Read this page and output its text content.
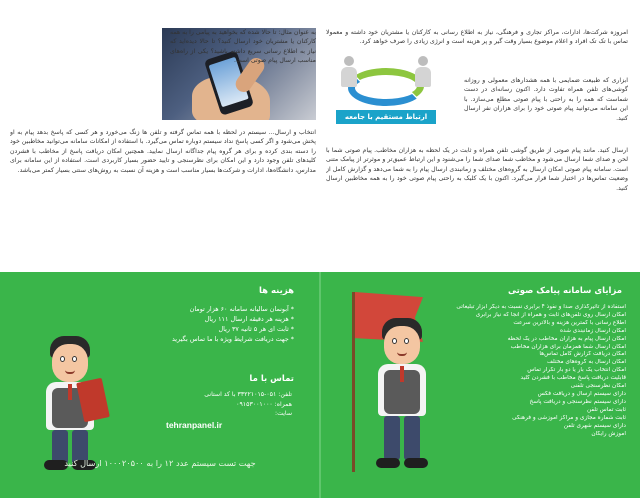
امروزه شرکت‌ها، ادارات، مراکز تجاری و فرهنگی، نیاز به اطلاع رسانی به کارکنان یا مشتریان خود داشته و معمولا تماس با تک تک افراد و اعلام موضوع بسیار وقت گیر و پر هزینه است و انرژی زیادی را صرف خواهد کرد.

ابزاری که طبیعت ضمایمی با همه هشدارهای معمولی و روزانه گوشی‌های تلفن همراه تفاوت دارد. اکنون رسانه‌ای در دست شماست که همه را به راحتی با پیام صوتی مطلع می‌سازد. با این سامانه می‌توانید پیام صوتی خود را برای هزاران نفر ارسال کنید.

ارسال کنید. مانند پیام صوتی از طریق گوشی تلفن همراه و ثابت در یک لحظه به هزاران مخاطب. پیام صوتی شما با لحن و صدای شما ارسال می‌شود و مخاطب شما صدای شما را می‌شنود و این ارتباط عمیق‌تر و موثرتر از پیامک متنی است. سامانه پیام صوتی امکان ارسال به گروه‌های مختلف و زمانبندی ارسال پیام را به شما می‌دهد و گزارش کامل از وضعیت تماس‌ها در اختیار شما قرار می‌گیرد. اکنون با یک کلیک به راحتی پیام صوتی خود را به همه مخاطبین ارسال کنید.

ارتباط مستقیم با جامعه

به عنوان مثال: تا حالا شده که بخواهید به پیامی را به همه کارکنان یا مشتریان خود ارسال کنید؟ تا حالا دیده‌اید که نیاز به اطلاع رسانی سریع داشته باشید؟ یکی از راه‌های مناسب ارسال پیام صوتی است.

انتخاب و ارسال... سیستم در لحظه با همه تماس گرفته و تلفن ها زنگ می‌خورد و هر کسی که پاسخ بدهد پیام به او پخش می‌شود و اگر کسی پاسخ نداد سیستم دوباره تماس می‌گیرد. با استفاده از امکانات سامانه می‌توانید مخاطبین خود را دسته بندی کرده و برای هر گروه پیام جداگانه ارسال نمایید. همچنین امکان دریافت پاسخ از مخاطب با فشردن کلیدهای تلفن وجود دارد و این امکان برای نظرسنجی و تایید حضور بسیار کاربردی است. استفاده از این سامانه برای مدارس، دانشگاه‌ها، ادارات و شرکت‌ها بسیار مناسب است و هزینه آن نسبت به روش‌های سنتی بسیار کمتر می‌باشد.

مزایای سامانه پیامک صوتی
استفاده از تاثیرگذاری صدا و نفوذ ۴ برابری نسبت به دیگر ابزار تبلیغاتی
امکان ارسال روی تلفن‌های ثابت و همراه از آنجا که نیاز برابری
اطلاع رسانی با کمترین هزینه و بالاترین سرعت
امکان ارسال زمانبندی شده
امکان ارسال پیام به هزاران مخاطب در یک لحظه
امکان ارسال شما همزمان برای هزاران مخاطب
امکان دریافت گزارش کامل تماس‌ها
امکان ارسال به گروه‌های مختلف
امکان انتخاب یک بار یا دو بار تکرار تماس
قابلیت دریافت پاسخ مخاطب با فشردن کلید
امکان نظرسنجی تلفنی
دارای سیستم ارسال و دریافت فکس
دارای سیستم نظرسنجی و دریافت پاسخ
ثابت تماس تلفن
ثابت شماره مجازی و مراکز آموزشی و فرهنگی
دارای سیستم شهری تلفن
آموزش رایگان
هزینه ها
* آبونمان سالیانه سامانه ۶۰ هزار تومان
* هزینه هر دقیقه ارسال ۱۱۱ ریال
* ثابت ای هر ۵ ثانیه ۳۷ ریال
* جهت دریافت شرایط ویژه با ما تماس بگیرید
تماس با ما
تلفن: ۰۵۱-۳۳۲۲۱۰۱۵ با کد استانی
همراه: ۰۹۱۵۳۰۰۱۰۰۰
سایت:
tehranpanel.ir
جهت تست سیستم عدد ۱۲ را به ۱۰۰۰۲۰۵۰۰ ارسال کنید
